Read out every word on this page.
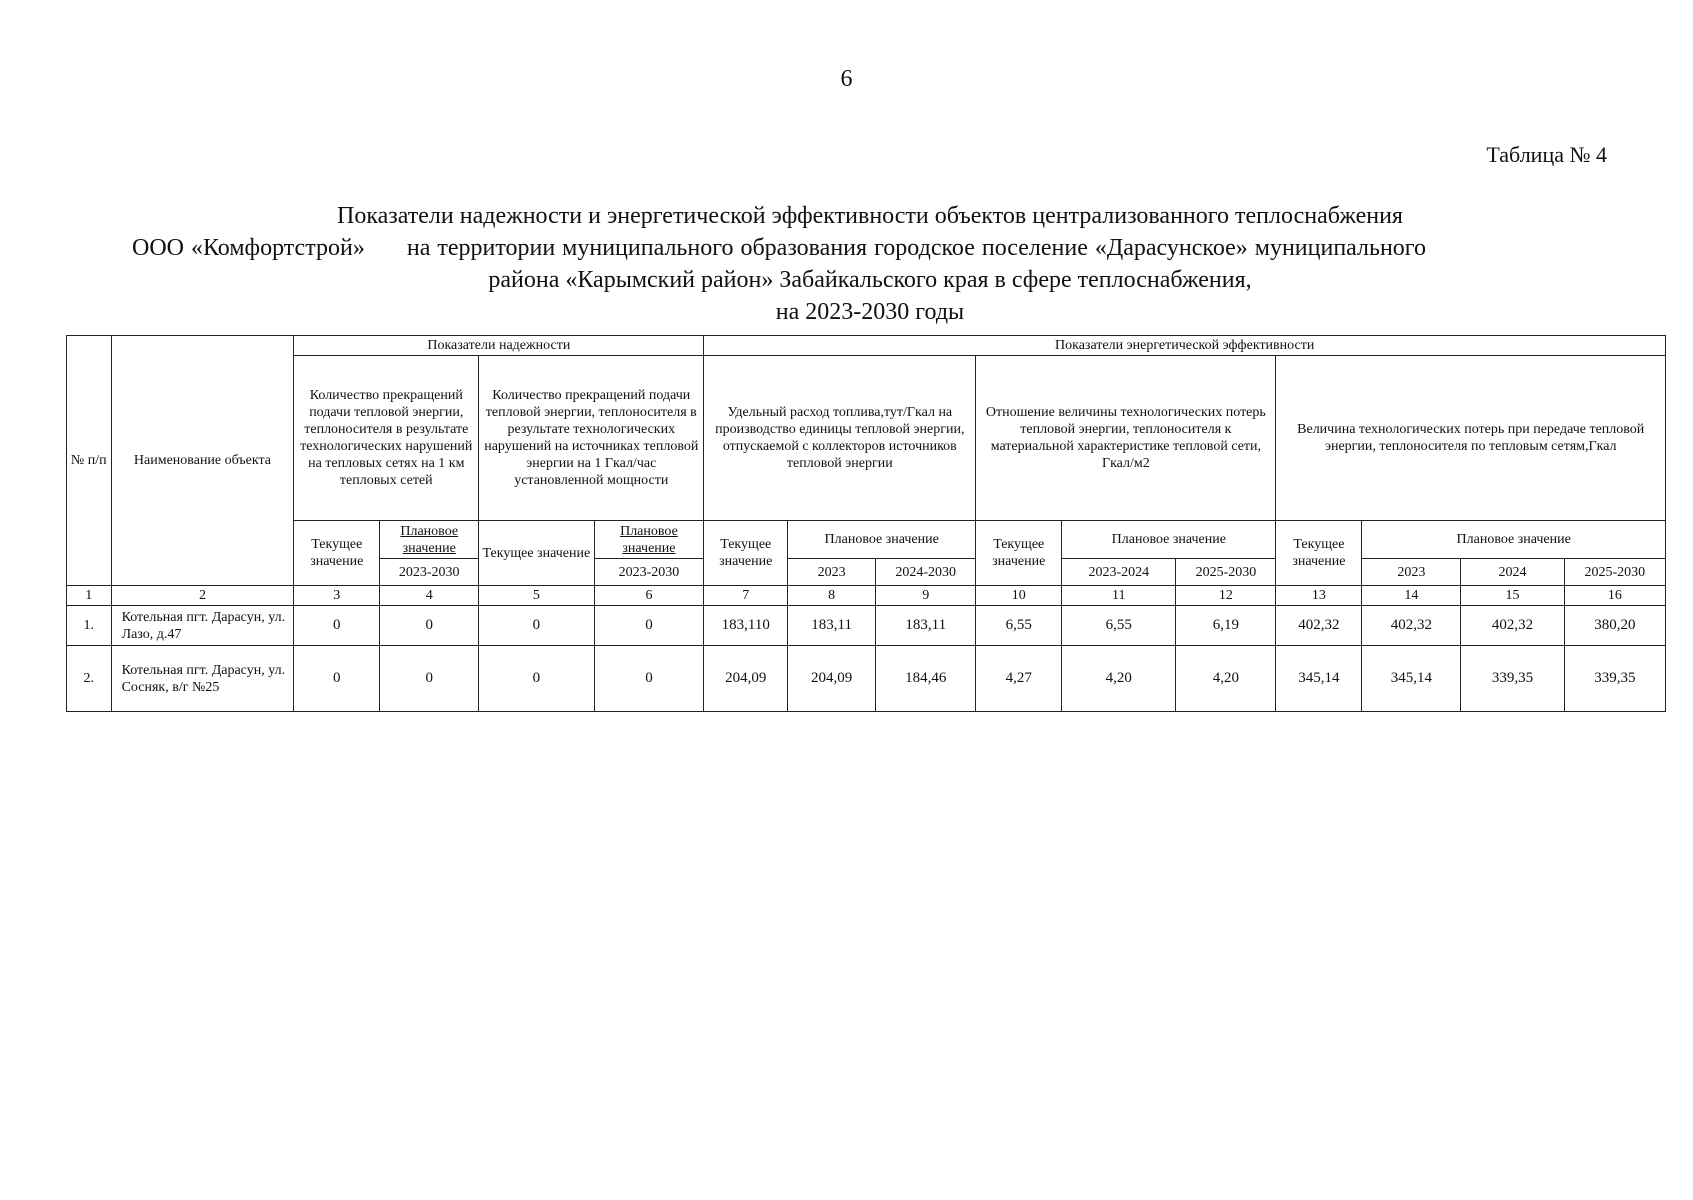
6
Таблица № 4
Показатели надежности и энергетической эффективности объектов централизованного теплоснабжения
ООО «Комфортстрой» на территории муниципального образования городское поселение «Дарасунское» муниципального
района «Карымский район» Забайкальского края в сфере теплоснабжения,
на 2023-2030 годы
№ п/п	Наименование объекта	Показатели надежности				Показатели энергетической эффективности									
		Количество прекращений подачи тепловой энергии, теплоносителя в результате технологических нарушений на тепловых сетях на 1 км тепловых сетей		Количество прекращений подачи тепловой энергии, теплоносителя в результате технологических нарушений на источниках тепловой энергии на 1 Гкал/час установленной мощности		Удельный расход топлива,тут/Гкал на производство единицы тепловой энергии, отпускаемой с коллекторов источников тепловой энергии			Отношение величины технологических потерь тепловой энергии, теплоносителя к материальной характеристике тепловой сети, Гкал/м2			Величина технологических потерь при передаче тепловой энергии, теплоносителя по тепловым сетям,Гкал			
		Текущее значение	Плановое значение	Текущее значение	Плановое значение	Текущее значение	Плановое значение		Текущее значение	Плановое значение		Текущее значение	Плановое значение		
			2023-2030		2023-2030		2023	2024-2030		2023-2024	2025-2030		2023	2024	2025-2030
1	2	3	4	5	6	7	8	9	10	11	12	13	14	15	16
1.	Котельная пгт. Дарасун, ул. Лазо, д.47	0	0	0	0	183,110	183,11	183,11	6,55	6,55	6,19	402,32	402,32	402,32	380,20
2.	Котельная пгт. Дарасун, ул. Сосняк, в/г №25	0	0	0	0	204,09	204,09	184,46	4,27	4,20	4,20	345,14	345,14	339,35	339,35
